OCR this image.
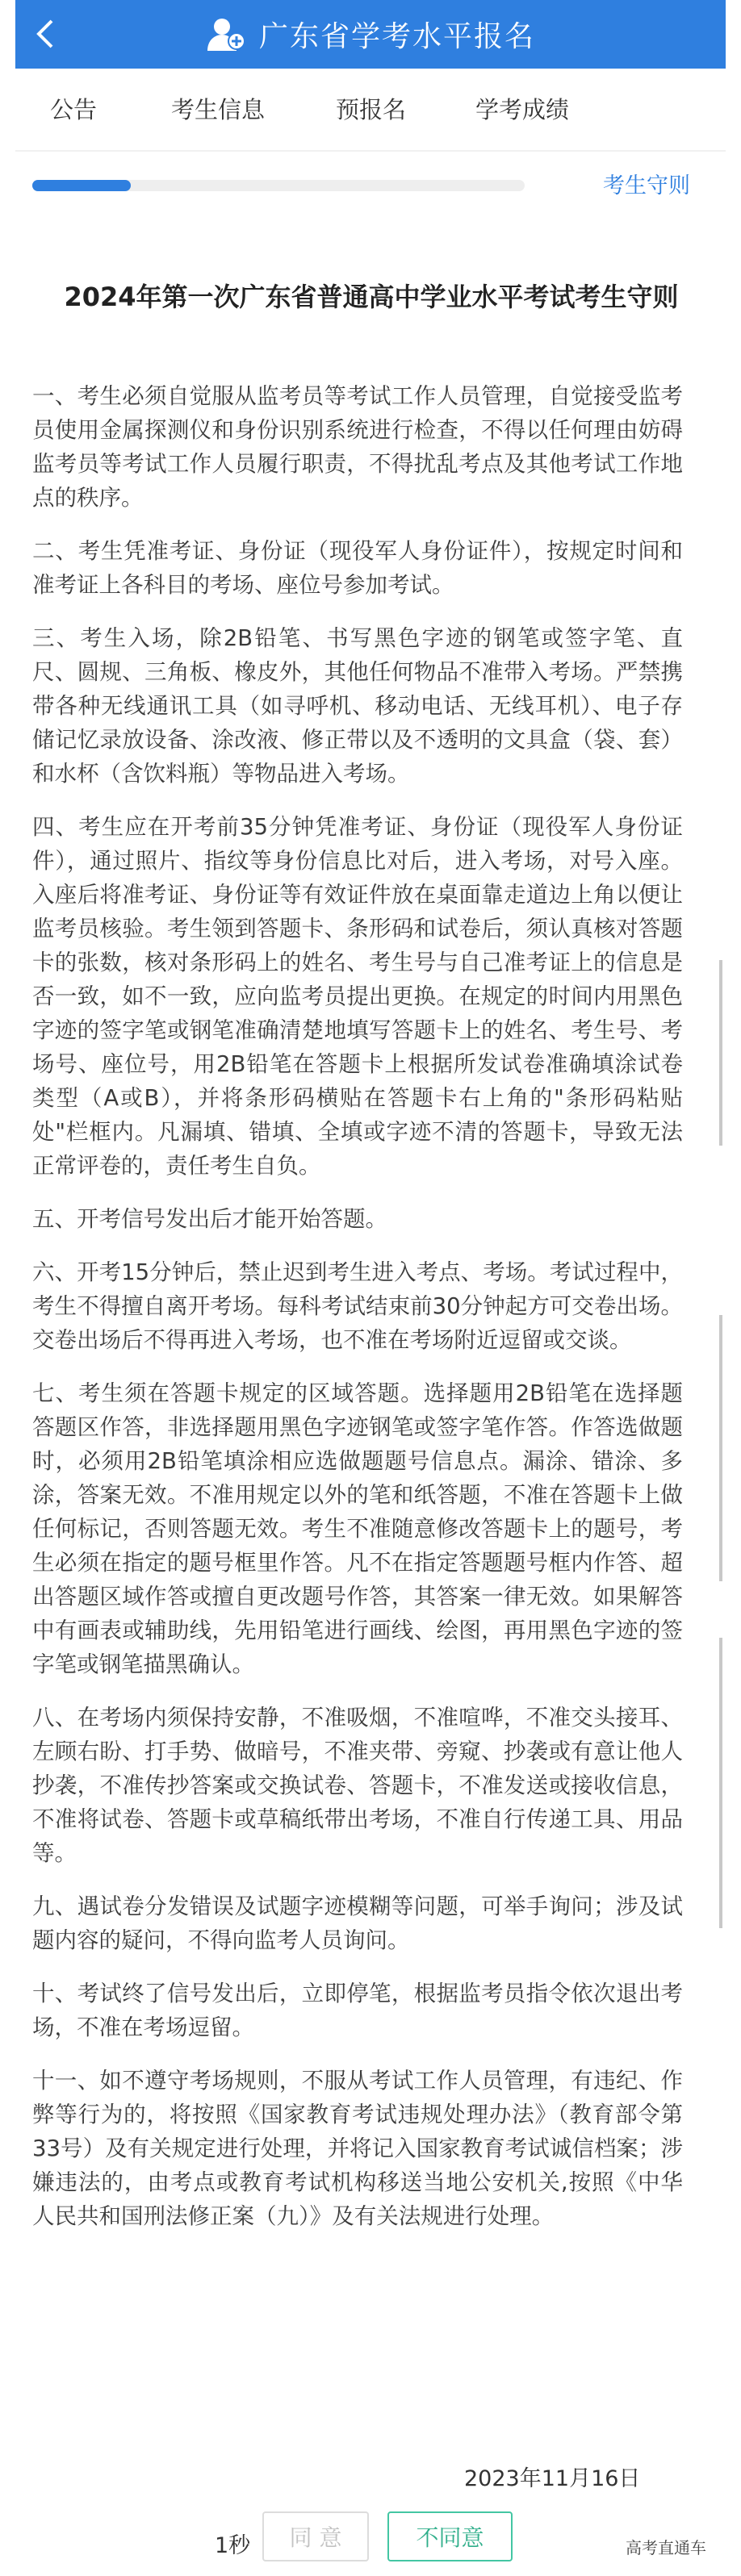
广东省学考水平报名
公告	考生信息	预报名	学考成绩
考生守则
2024年第一次广东省普通高中学业水平考试考生守则

一、考生必须自觉服从监考员等考试工作人员管理，自觉接受监考员使用金属探测仪和身份识别系统进行检查，不得以任何理由妨碍监考员等考试工作人员履行职责，不得扰乱考点及其他考试工作地点的秩序。

二、考生凭准考证、身份证（现役军人身份证件），按规定时间和准考证上各科目的考场、座位号参加考试。

三、考生入场，除2B铅笔、书写黑色字迹的钢笔或签字笔、直尺、圆规、三角板、橡皮外，其他任何物品不准带入考场。严禁携带各种无线通讯工具（如寻呼机、移动电话、无线耳机）、电子存储记忆录放设备、涂改液、修正带以及不透明的文具盒（袋、套）和水杯（含饮料瓶）等物品进入考场。

四、考生应在开考前35分钟凭准考证、身份证（现役军人身份证件），通过照片、指纹等身份信息比对后，进入考场，对号入座。入座后将准考证、身份证等有效证件放在桌面靠走道边上角以便让监考员核验。考生领到答题卡、条形码和试卷后，须认真核对答题卡的张数，核对条形码上的姓名、考生号与自己准考证上的信息是否一致，如不一致，应向监考员提出更换。在规定的时间内用黑色字迹的签字笔或钢笔准确清楚地填写答题卡上的姓名、考生号、考场号、座位号，用2B铅笔在答题卡上根据所发试卷准确填涂试卷类型（A或B），并将条形码横贴在答题卡右上角的"条形码粘贴处"栏框内。凡漏填、错填、全填或字迹不清的答题卡，导致无法正常评卷的，责任考生自负。

五、开考信号发出后才能开始答题。

六、开考15分钟后，禁止迟到考生进入考点、考场。考试过程中，考生不得擅自离开考场。每科考试结束前30分钟起方可交卷出场。交卷出场后不得再进入考场，也不准在考场附近逗留或交谈。

七、考生须在答题卡规定的区域答题。选择题用2B铅笔在选择题答题区作答，非选择题用黑色字迹钢笔或签字笔作答。作答选做题时，必须用2B铅笔填涂相应选做题题号信息点。漏涂、错涂、多涂，答案无效。不准用规定以外的笔和纸答题，不准在答题卡上做任何标记，否则答题无效。考生不准随意修改答题卡上的题号，考生必须在指定的题号框里作答。凡不在指定答题题号框内作答、超出答题区域作答或擅自更改题号作答，其答案一律无效。如果解答中有画表或辅助线，先用铅笔进行画线、绘图，再用黑色字迹的签字笔或钢笔描黑确认。

八、在考场内须保持安静，不准吸烟，不准喧哗，不准交头接耳、左顾右盼、打手势、做暗号，不准夹带、旁窥、抄袭或有意让他人抄袭，不准传抄答案或交换试卷、答题卡，不准发送或接收信息，不准将试卷、答题卡或草稿纸带出考场，不准自行传递工具、用品等。

九、遇试卷分发错误及试题字迹模糊等问题，可举手询问；涉及试题内容的疑问，不得向监考人员询问。

十、考试终了信号发出后，立即停笔，根据监考员指令依次退出考场，不准在考场逗留。

十一、如不遵守考场规则，不服从考试工作人员管理，有违纪、作弊等行为的，将按照《国家教育考试违规处理办法》（教育部令第33号）及有关规定进行处理，并将记入国家教育考试诚信档案；涉嫌违法的，由考点或教育考试机构移送当地公安机关,按照《中华人民共和国刑法修正案（九）》及有关法规进行处理。

2023年11月16日
1秒	同 意	不同意	高考直通车
